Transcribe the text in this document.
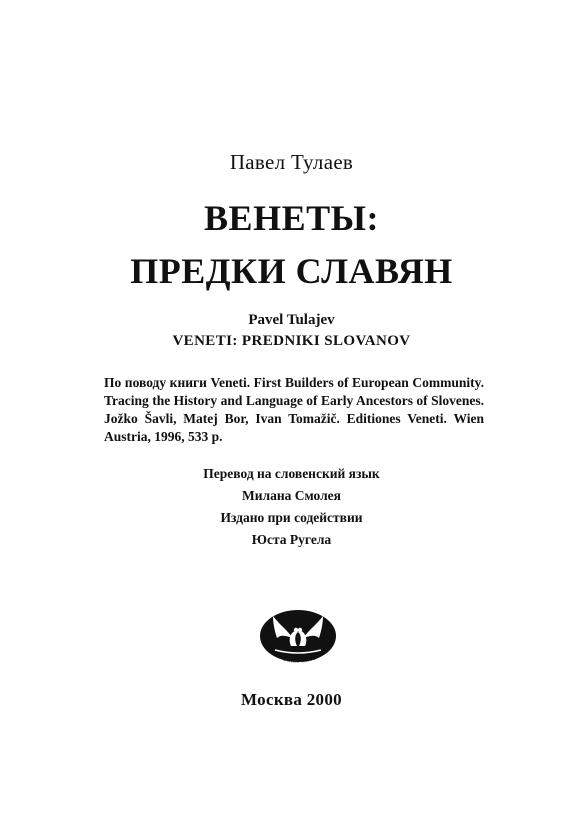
Павел Тулаев
ВЕНЕТЫ:
ПРЕДКИ СЛАВЯН
Pavel Tulajev
VENETI: PREDNIKI SLOVANOV
По поводу книги Veneti. First Builders of European Community. Tracing the History and Language of Early Ancestors of Slovenes. Jožko Šavli, Matej Bor, Ivan Tomažič. Editiones Veneti. Wien Austria, 1996, 533 р.
Перевод на словенский язык
Милана Смолея
Издано при содействии
Юста Ругела
Белые альвы
Москва 2000
